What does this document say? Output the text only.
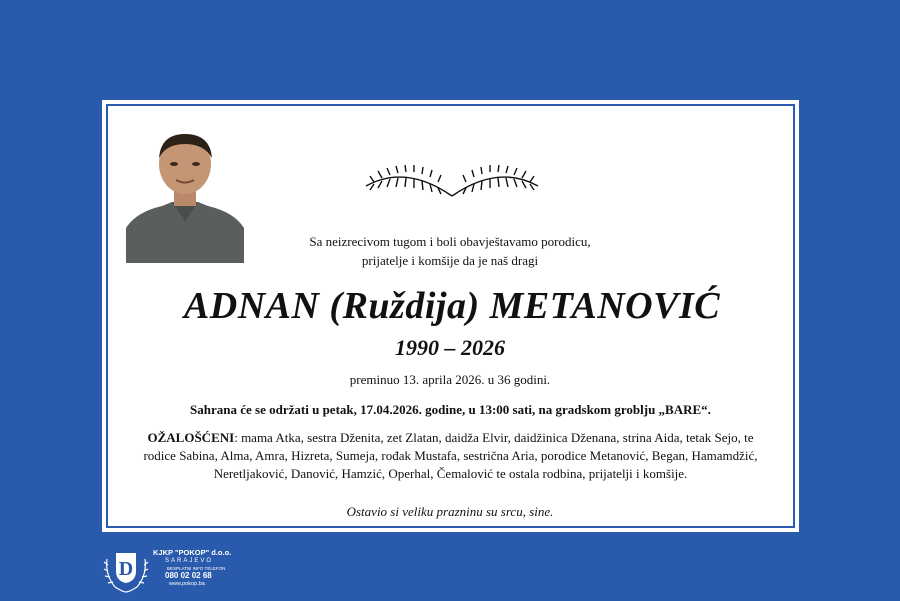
Sa neizrecivom tugom i boli obavještavamo porodicu,
prijatelje i komšije da je naš dragi
ADNAN (Ruždija) METANOVIĆ
1990 – 2026
preminuo 13. aprila 2026. u 36 godini.
Sahrana će se održati u petak, 17.04.2026. godine, u 13:00 sati, na gradskom groblju „BARE“.
OŽALOŠĆENI: mama Atka, sestra Dženita, zet Zlatan, daidža Elvir, daidžinica Dženana, strina Aida, tetak Sejo, te rodice Sabina, Alma, Amra, Hizreta, Sumeja, rođak Mustafa, sestrična Aria, porodice Metanović, Began, Hamamdžić, Neretljaković, Danović, Hamzić, Operhal, Čemalović te ostala rodbina, prijatelji i komšije.
Ostavio si veliku prazninu su srcu, sine.
D
KJKP "POKOP" d.o.o.
SARAJEVO
BESPLATNI INFO TELEFON
080 02 02 68
www.pokop.ba
